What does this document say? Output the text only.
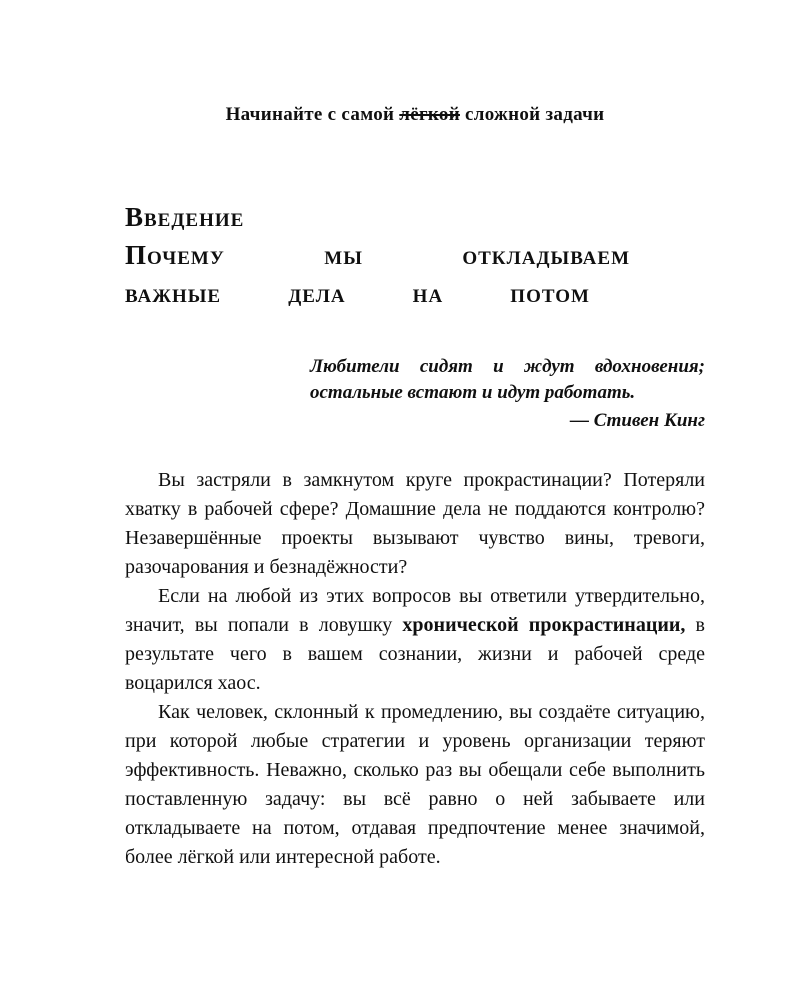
Начинайте с самой лёгкой сложной задачи
Введение
Почему мы откладываем
важные дела на потом

Любители сидят и ждут вдохновения; остальные встают и идут работать.

— Стивен Кинг

Вы застряли в замкнутом круге прокрастинации? Потеряли хватку в рабочей сфере? Домашние дела не поддаются контролю? Незавершённые проекты вызывают чувство вины, тревоги, разочарования и безнадёжности?

Если на любой из этих вопросов вы ответили утвердительно, значит, вы попали в ловушку хронической прокрастинации, в результате чего в вашем сознании, жизни и рабочей среде воцарился хаос.

Как человек, склонный к промедлению, вы создаёте ситуацию, при которой любые стратегии и уровень организации теряют эффективность. Неважно, сколько раз вы обещали себе выполнить поставленную задачу: вы всё равно о ней забываете или откладываете на потом, отдавая предпочтение менее значимой, более лёгкой или интересной работе.
